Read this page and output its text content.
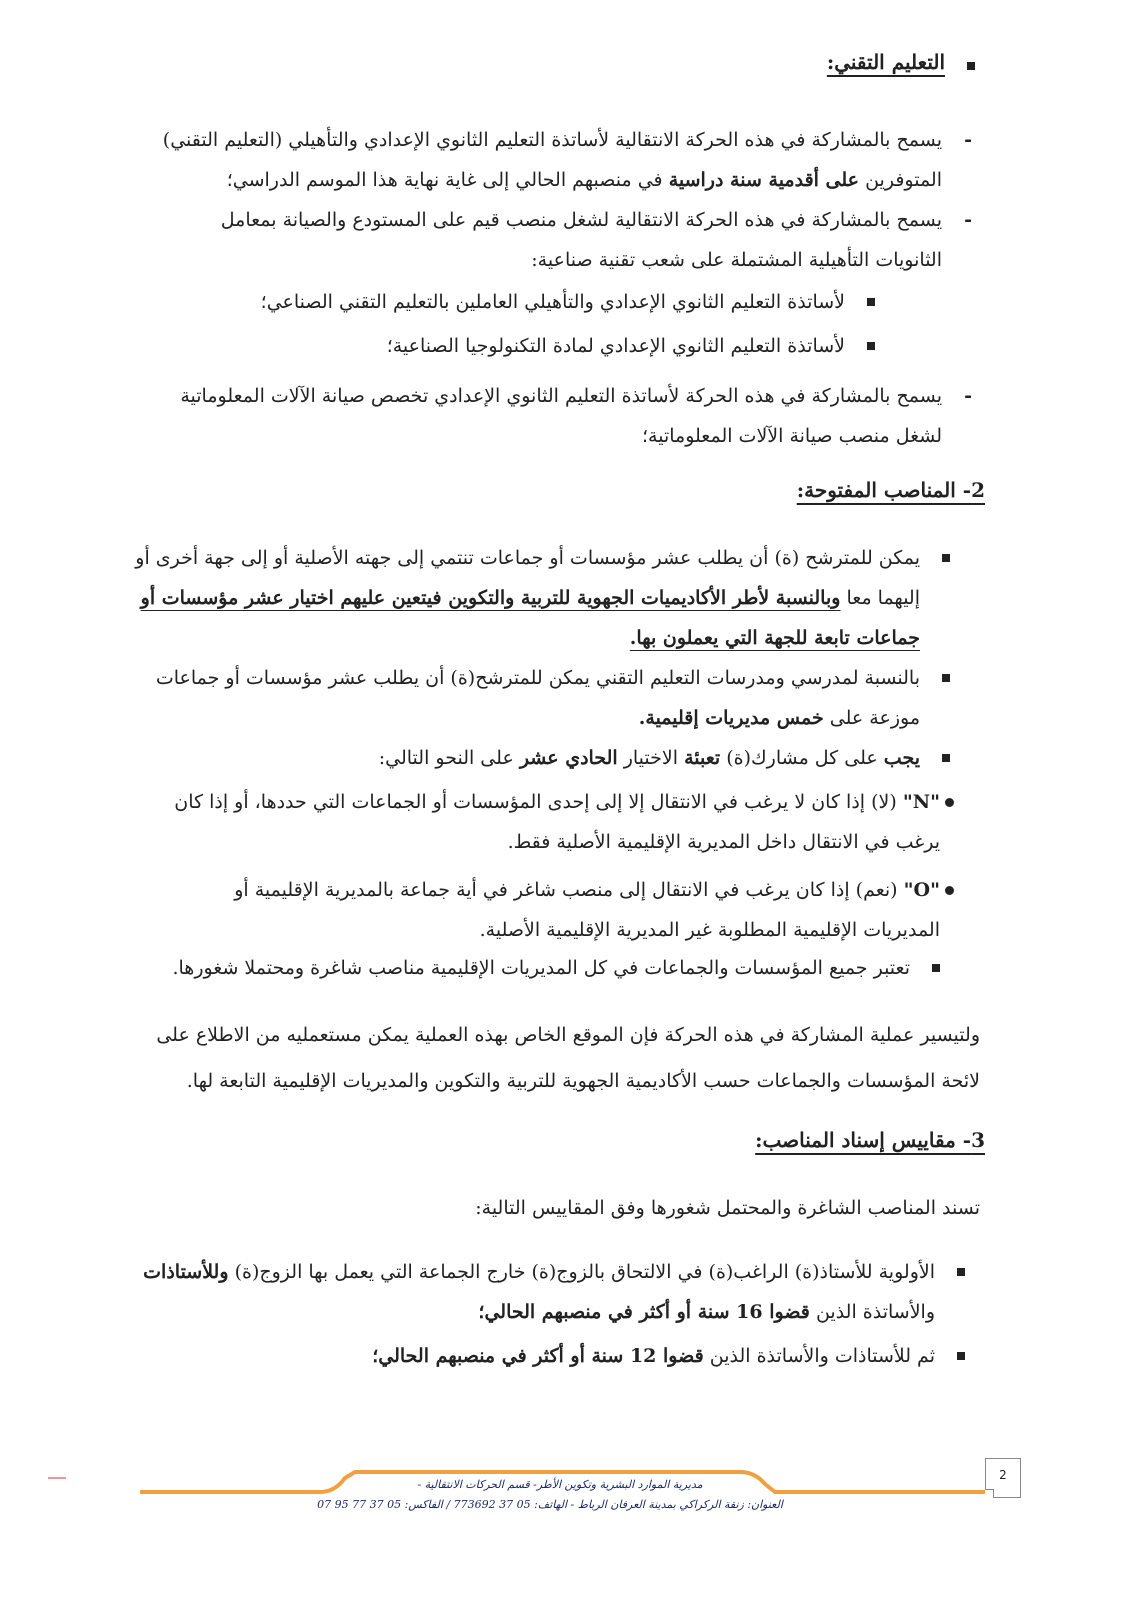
التعليم التقني:
- يسمح بالمشاركة في هذه الحركة الانتقالية لأساتذة التعليم الثانوي الإعدادي والتأهيلي (التعليم التقني) المتوفرين على أقدمية سنة دراسية في منصبهم الحالي إلى غاية نهاية هذا الموسم الدراسي؛
- يسمح بالمشاركة في هذه الحركة الانتقالية لشغل منصب قيم على المستودع والصيانة بمعامل الثانويات التأهيلية المشتملة على شعب تقنية صناعية:
لأساتذة التعليم الثانوي الإعدادي والتأهيلي العاملين بالتعليم التقني الصناعي؛
لأساتذة التعليم الثانوي الإعدادي لمادة التكنولوجيا الصناعية؛
- يسمح بالمشاركة في هذه الحركة لأساتذة التعليم الثانوي الإعدادي تخصص صيانة الآلات المعلوماتية لشغل منصب صيانة الآلات المعلوماتية؛
2- المناصب المفتوحة:
يمكن للمترشح (ة) أن يطلب عشر مؤسسات أو جماعات تنتمي إلى جهته الأصلية أو إلى جهة أخرى أو إليهما معا وبالنسبة لأطر الأكاديميات الجهوية للتربية والتكوين فيتعين عليهم اختيار عشر مؤسسات أو جماعات تابعة للجهة التي يعملون بها.
بالنسبة لمدرسي ومدرسات التعليم التقني يمكن للمترشح(ة) أن يطلب عشر مؤسسات أو جماعات موزعة على خمس مديريات إقليمية.
يجب على كل مشارك(ة) تعبئة الاختيار الحادي عشر على النحو التالي:
"N" (لا) إذا كان لا يرغب في الانتقال إلا إلى إحدى المؤسسات أو الجماعات التي حددها، أو إذا كان يرغب في الانتقال داخل المديرية الإقليمية الأصلية فقط.
"O" (نعم) إذا كان يرغب في الانتقال إلى منصب شاغر في أية جماعة بالمديرية الإقليمية أو المديريات الإقليمية المطلوبة غير المديرية الإقليمية الأصلية.
تعتبر جميع المؤسسات والجماعات في كل المديريات الإقليمية مناصب شاغرة ومحتملا شغورها.
ولتيسير عملية المشاركة في هذه الحركة فإن الموقع الخاص بهذه العملية يمكن مستعمليه من الاطلاع على لائحة المؤسسات والجماعات حسب الأكاديمية الجهوية للتربية والتكوين والمديريات الإقليمية التابعة لها.
3- مقاييس إسناد المناصب:
تسند المناصب الشاغرة والمحتمل شغورها وفق المقاييس التالية:
الأولوية للأستاذ(ة) الراغب(ة) في الالتحاق بالزوج(ة) خارج الجماعة التي يعمل بها الزوج(ة) وللأستاذات والأساتذة الذين قضوا 16 سنة أو أكثر في منصبهم الحالي؛
ثم للأستاذات والأساتذة الذين قضوا 12 سنة أو أكثر في منصبهم الحالي؛
مديرية الموارد البشرية وتكوين الأطر- قسم الحركات الانتقالية -
العنوان: زنقة الركراكي بمدينة العرفان الرباط - الهاتف: 05 37 773692 / الفاكس: 05 37 77 95 07
2
